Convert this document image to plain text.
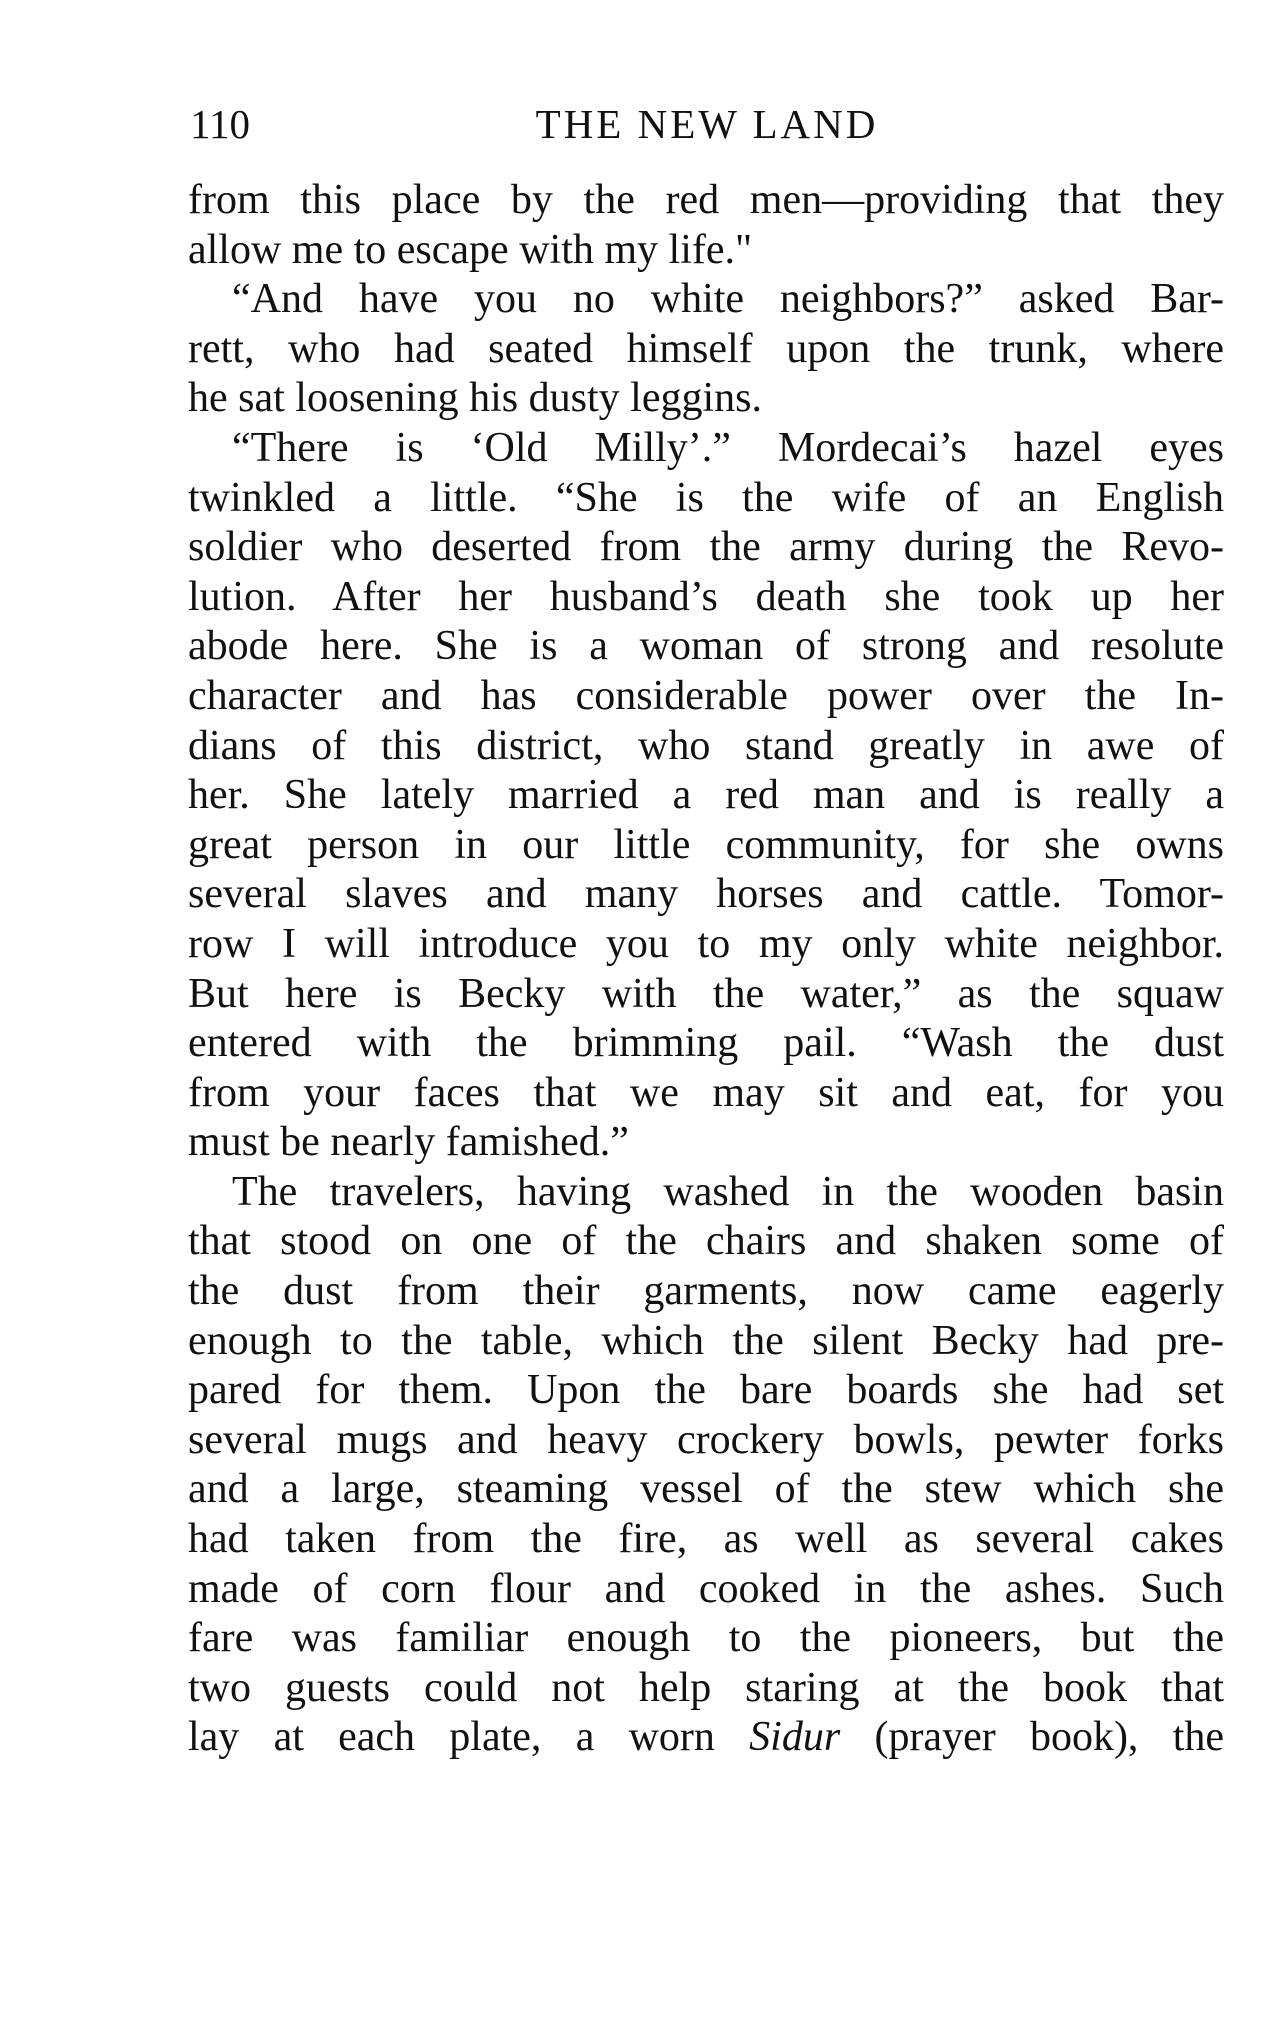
110	THE NEW LAND
from this place by the red men—providing that they
allow me to escape with my life."
“And have you no white neighbors?” asked Bar-
rett, who had seated himself upon the trunk, where
he sat loosening his dusty leggins.
“There is ‘Old Milly’.” Mordecai’s hazel eyes
twinkled a little. “She is the wife of an English
soldier who deserted from the army during the Revo-
lution. After her husband’s death she took up her
abode here. She is a woman of strong and resolute
character and has considerable power over the In-
dians of this district, who stand greatly in awe of
her. She lately married a red man and is really a
great person in our little community, for she owns
several slaves and many horses and cattle. Tomor-
row I will introduce you to my only white neighbor.
But here is Becky with the water,” as the squaw
entered with the brimming pail. “Wash the dust
from your faces that we may sit and eat, for you
must be nearly famished.”
The travelers, having washed in the wooden basin
that stood on one of the chairs and shaken some of
the dust from their garments, now came eagerly
enough to the table, which the silent Becky had pre-
pared for them. Upon the bare boards she had set
several mugs and heavy crockery bowls, pewter forks
and a large, steaming vessel of the stew which she
had taken from the fire, as well as several cakes
made of corn flour and cooked in the ashes. Such
fare was familiar enough to the pioneers, but the
two guests could not help staring at the book that
lay at each plate, a worn Sidur (prayer book), the
